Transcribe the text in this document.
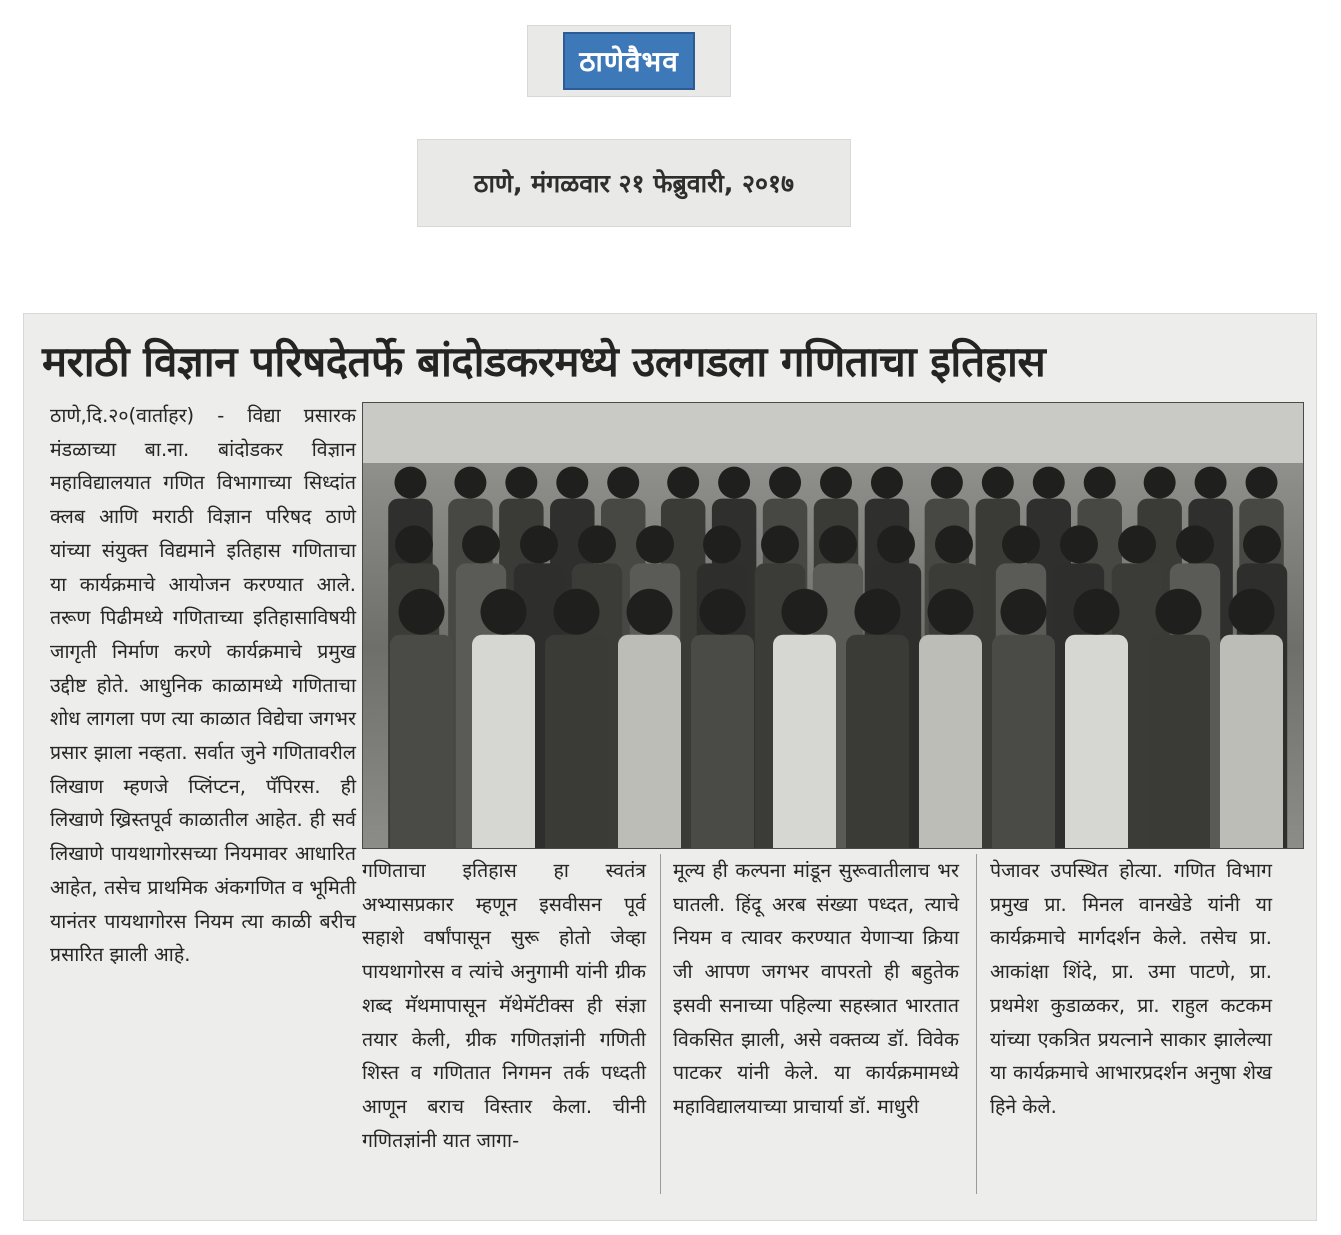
ठाणेवैभव
ठाणे, मंगळवार २१ फेब्रुवारी, २०१७
मराठी विज्ञान परिषदेतर्फे बांदोडकरमध्ये उलगडला गणिताचा इतिहास

ठाणे,दि.२०(वार्ताहर) - विद्या प्रसारक मंडळाच्या बा.ना. बांदोडकर विज्ञान महाविद्यालयात गणित विभागाच्या सिध्दांत क्लब आणि मराठी विज्ञान परिषद ठाणे यांच्या संयुक्त विद्यमाने इतिहास गणिताचा या कार्यक्रमाचे आयोजन करण्यात आले. तरूण पिढीमध्ये गणिताच्या इतिहासाविषयी जागृती निर्माण करणे कार्यक्रमाचे प्रमुख उद्दीष्ट होते. आधुनिक काळामध्ये गणिताचा शोध लागला पण त्या काळात विद्येचा जगभर प्रसार झाला नव्हता. सर्वात जुने गणितावरील लिखाण म्हणजे प्लिंप्टन, पॅपिरस. ही लिखाणे ख्रिस्तपूर्व काळातील आहेत. ही सर्व लिखाणे पायथागोरसच्या नियमावर आधारित आहेत, तसेच प्राथमिक अंकगणित व भूमिती यानंतर पायथागोरस नियम त्या काळी बरीच प्रसारित झाली आहे.

गणिताचा इतिहास हा स्वतंत्र अभ्यासप्रकार म्हणून इसवीसन पूर्व सहाशे वर्षांपासून सुरू होतो जेव्हा पायथागोरस व त्यांचे अनुगामी यांनी ग्रीक शब्द मॅथमापासून मॅथेमॅटीक्स ही संज्ञा तयार केली, ग्रीक गणितज्ञांनी गणिती शिस्त व गणितात निगमन तर्क पध्दती आणून बराच विस्तार केला. चीनी गणितज्ञांनी यात जागा-

मूल्य ही कल्पना मांडून सुरूवातीलाच भर घातली. हिंदू अरब संख्या पध्दत, त्याचे नियम व त्यावर करण्यात येणाऱ्या क्रिया जी आपण जगभर वापरतो ही बहुतेक इसवी सनाच्या पहिल्या सहस्त्रात भारतात विकसित झाली, असे वक्तव्य डॉ. विवेक पाटकर यांनी केले. या कार्यक्रमामध्ये महाविद्यालयाच्या प्राचार्या डॉ. माधुरी

पेजावर उपस्थित होत्या. गणित विभाग प्रमुख प्रा. मिनल वानखेडे यांनी या कार्यक्रमाचे मार्गदर्शन केले. तसेच प्रा. आकांक्षा शिंदे, प्रा. उमा पाटणे, प्रा. प्रथमेश कुडाळकर, प्रा. राहुल कटकम यांच्या एकत्रित प्रयत्नाने साकार झालेल्या या कार्यक्रमाचे आभारप्रदर्शन अनुषा शेख हिने केले.
